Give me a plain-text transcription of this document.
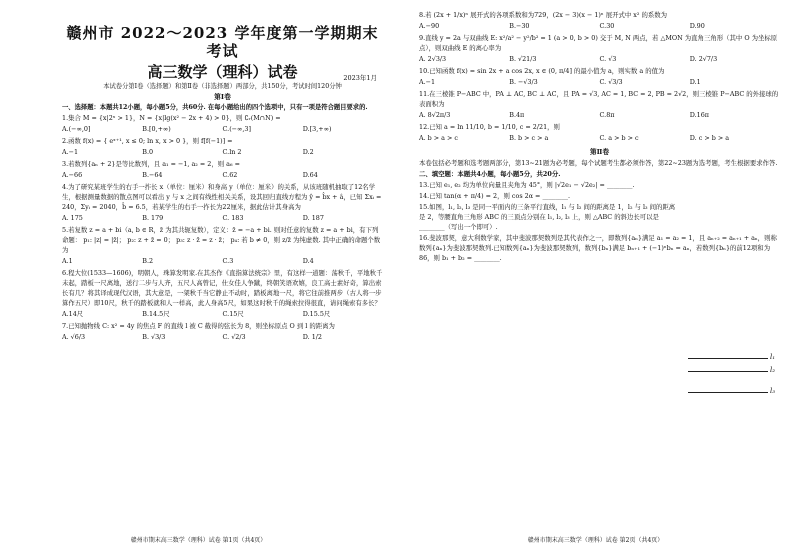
赣州市 2022～2023 学年度第一学期期末考试

高三数学（理科）试卷	2023年1月

本试卷分第Ⅰ卷（选择题）和第Ⅱ卷（非选择题）两部分，共150分，考试时间120分钟

第Ⅰ卷

一、选择题：本题共12小题，每小题5分，共60分. 在每小题给出的四个选项中，只有一项是符合题目要求的.

1.集合 M = {x|2ˣ > 1}，N = {x|lg(x² − 2x + 4) > 0}，则 ∁ᵣ(M∩N) =

A.(−∞,0]	B.[0,+∞)	C.(−∞,3]	D.[3,+∞)

2.函数 f(x) = { eˣ⁺¹, x ≤ 0; ln x, x > 0 }，则 f[f(−1)] =

A.−1	B.0	C.ln 2	D.2

3.若数列{aₙ + 2}是等比数列，且 a₁ = −1, a₂ = 2，则 a₆ =

A.−66	B.−64	C.62	D.64

4.为了研究某班学生的右手一拃长 x（单位：厘米）和身高 y（单位：厘米）的关系，从该班随机抽取了12名学生，根据测量数据的散点图可以看出 y 与 x 之间有线性相关关系，设其回归直线方程为 ŷ = b̂x + â，已知 Σxᵢ = 240，Σyᵢ = 2040，b̂ = 6.5，若某学生的右手一拃长为22厘米，据此估计其身高为

A. 175	B. 179	C. 183	D. 187

5.若复数 z = a + bi（a, b ∈ R，z̄ 为其共轭复数），定义：z̄ = −a + bi. 则对任意的复数 z = a + bi，有下列命题： p₁: |z| = |z̄|； p₂: z + z̄ = 0； p₃: z · z̄ = z · z̄； p₄: 若 b ≠ 0，则 z/z̄ 为纯虚数. 其中正确的命题个数为

A.1	B.2	C.3	D.4

6.程大位(1533—1606)，明朝人，珠算发明家.在其杰作《直指算法统宗》里，有这样一道题：荡秋千，平地秋千未起，踏板一尺离地，送行二步与人齐，五尺人高曾记，仕女佳人争蹴，终朝笑语欢嬉，良工高士素好奇，算出索长有几？将其译成现代汉语，其大意是，一架秋千当它静止不动时，踏板离地一尺，将它往前推两步（古人将一步算作五尺）即10尺，秋千的踏板就和人一样高，此人身高5尺，如果这时秋千的绳索拉得很直，请问绳索有多长？

A.14尺	B.14.5尺	C.15尺	D.15.5尺

7.已知抛物线 C: x² = 4y 的焦点 F 的直线 l 被 C 截得的弦长为 8，则坐标原点 O 到 l 的距离为

A. √6/3	B. √3/3	C. √2/3	D. 1/2
赣州市期末高三数学（理科）试卷 第1页（共4页）

8.若 (2x + 1/x)ⁿ 展开式的各项系数和为729，(2x − 3)(x − 1)ⁿ 展开式中 x² 的系数为

A.−90	B.−30	C.30	D.90

9.直线 y = 2a 与双曲线 E: x²/a² − y²/b² = 1 (a > 0, b > 0) 交于 M, N 两点，若 △MON 为直角三角形（其中 O 为坐标原点），则双曲线 E 的离心率为

A. 2√3/3	B. √21/3	C. √3	D. 2√7/3

10.已知函数 f(x) = sin 2x + a cos 2x, x ∈ (0, π/4] 的最小值为 a，则实数 a 的值为

A.−1	B. −√3/3	C. √3/3	D.1

11.在三棱锥 P−ABC 中，PA ⊥ AC, BC ⊥ AC，且 PA = √3, AC = 1, BC = 2, PB = 2√2，则三棱锥 P−ABC 的外接球的表面积为

A. 8√2π/3	B.4π	C.8π	D.16π

12.已知 a = ln 11/10, b = 1/10, c = 2/21，则

A. b > a > c	B. b > c > a	C. a > b > c	D. c > b > a

第Ⅱ卷

本卷包括必考题和选考题两部分，第13~21题为必考题，每个试题考生都必须作答，第22~23题为选考题，考生根据要求作答.

二、填空题：本题共4小题，每小题5分，共20分.

13.已知 e₁, e₂ 均为单位向量且夹角为 45°，则 |√2e₁ − √2e₂| = ________.

14.已知 tan(α + π/4) = 2，则 cos 2α = ________.

15.如图，l₁, l₂, l₃ 是同一平面内的三条平行直线，l₁ 与 l₂ 间的距离是 1，l₂ 与 l₃ 间的距离是 2，等腰直角三角形 ABC 的三顶点分别在 l₁, l₂, l₃ 上，则 △ABC 的斜边长可以是 ________（写出一个即可）.

16.斐波那契，意大利数学家，其中斐波那契数列是其代表作之一，即数列{aₙ}满足 a₁ = a₂ = 1，且 aₙ₊₂ = aₙ₊₁ + aₙ，则称数列{aₙ}为斐波那契数列.已知数列{aₙ}为斐波那契数列，数列{bₙ}满足 bₙ₊₁ + (−1)ⁿbₙ = aₙ，若数列{bₙ}的前12项和为86，则 b₁ + b₂ = ________.

l₁
l₂
l₃
赣州市期末高三数学（理科）试卷 第2页（共4页）
